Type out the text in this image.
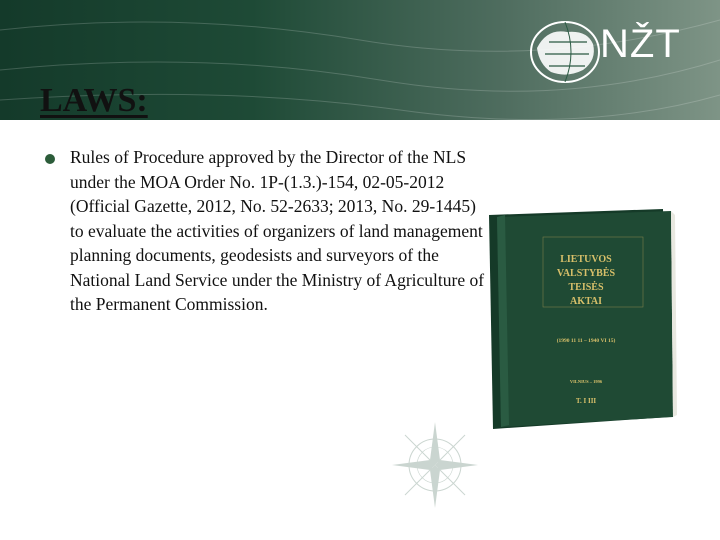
NŽT
LAWS:
Rules of Procedure approved by the Director of the NLS under the MOA Order No. 1P-(1.3.)-154, 02-05-2012 (Official Gazette, 2012, No. 52-2633; 2013, No. 29-1445) to evaluate the activities of organizers of land management planning documents, geodesists and surveyors of the National Land Service under the Ministry of Agriculture of the Permanent Commission.
LIETUVOS
VALSTYBĖS
TEISĖS
AKTAI
(1990 11 11 – 1940 VI 15)
VILNIUS – 1996
T. I III
